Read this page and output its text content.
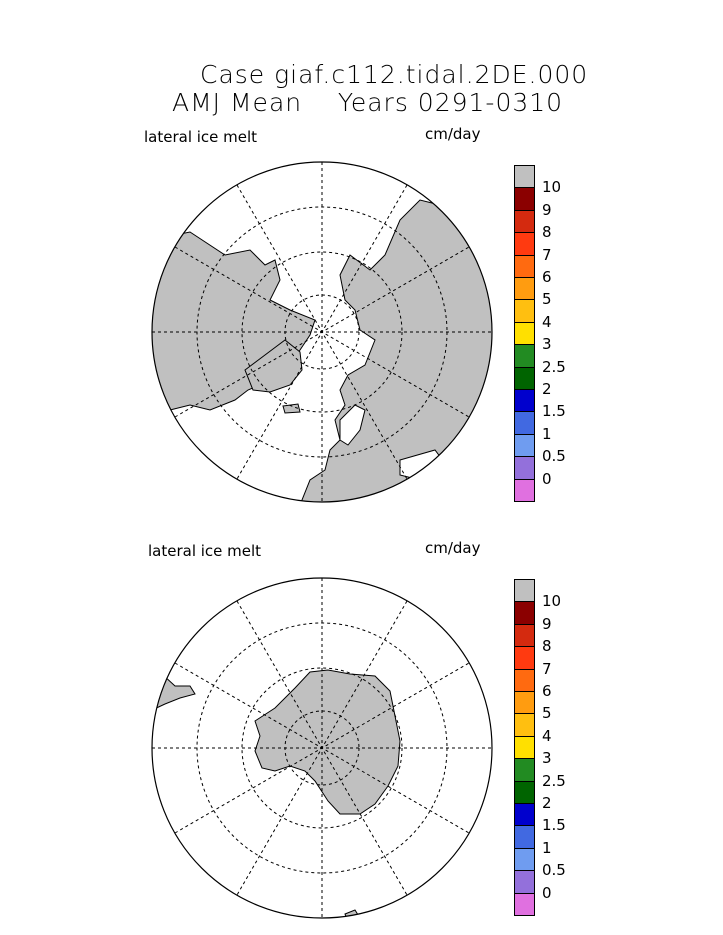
Case giaf.c112.tidal.2DE.000
AMJ Mean    Years 0291-0310
lateral ice melt	cm/day
10
9
8
7
6
5
4
3
2.5
2
1.5
1
0.5
0
lateral ice melt	cm/day
10
9
8
7
6
5
4
3
2.5
2
1.5
1
0.5
0
